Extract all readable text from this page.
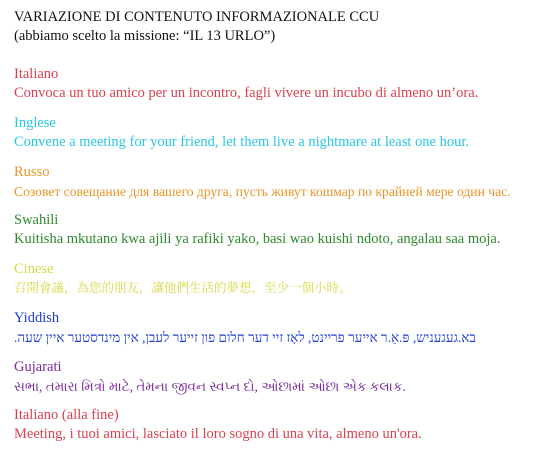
VARIAZIONE DI CONTENUTO INFORMAZIONALE CCU
(abbiamo scelto la missione: “IL 13 URLO”)
Italiano
Convoca un tuo amico per un incontro, fagli vivere un incubo di almeno un’ora.
Inglese
Convene a meeting for your friend, let them live a nightmare at least one hour.
Russo
Созовет совещание для вашего друга, пусть живут кошмар по крайней мере один час.
Swahili
Kuitisha mkutano kwa ajili ya rafiki yako, basi wao kuishi ndoto, angalau saa moja.
Cinese
召開會議，為您的朋友，讓他們生活的夢想，至少一個小時。
Yiddish
בא.געגעניש, פּ.אַ.ר אייער פריינט, לאָז זיי דער חלום פון זייער לעבן, אין מינדסטער איין שעה.
Gujarati
સભા, તમારા મિત્રો માટે, તેમના જીવન સ્વપ્ન દો, ઓછામાં ઓછા એક કલાક.
Italiano (alla fine)
Meeting, i tuoi amici, lasciato il loro sogno di una vita, almeno un'ora.
